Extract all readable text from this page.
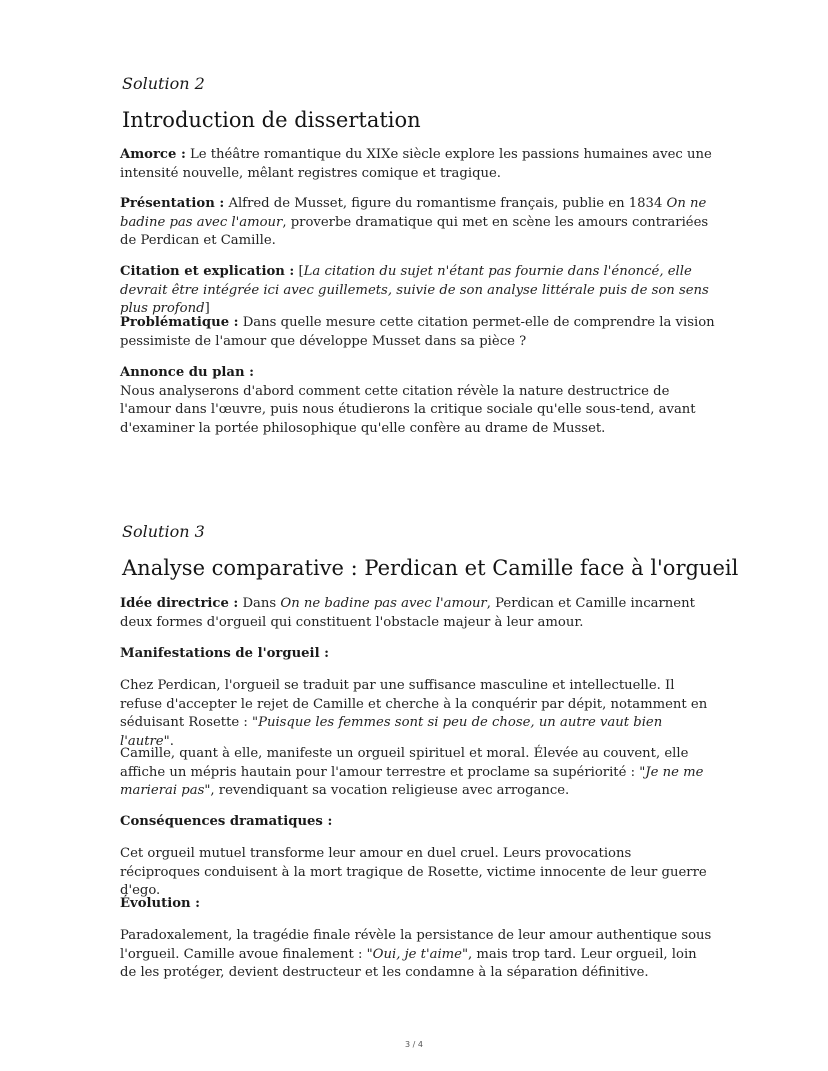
Solution 2
Introduction de dissertation

Amorce : Le théâtre romantique du XIXe siècle explore les passions humaines avec une intensité nouvelle, mêlant registres comique et tragique.

Présentation : Alfred de Musset, figure du romantisme français, publie en 1834 On ne badine pas avec l'amour, proverbe dramatique qui met en scène les amours contrariées de Perdican et Camille.

Citation et explication : [La citation du sujet n'étant pas fournie dans l'énoncé, elle devrait être intégrée ici avec guillemets, suivie de son analyse littérale puis de son sens plus profond]

Problématique : Dans quelle mesure cette citation permet-elle de comprendre la vision pessimiste de l'amour que développe Musset dans sa pièce ?

Annonce du plan :
Nous analyserons d'abord comment cette citation révèle la nature destructrice de l'amour dans l'œuvre, puis nous étudierons la critique sociale qu'elle sous-tend, avant d'examiner la portée philosophique qu'elle confère au drame de Musset.

Solution 3
Analyse comparative : Perdican et Camille face à l'orgueil

Idée directrice : Dans On ne badine pas avec l'amour, Perdican et Camille incarnent deux formes d'orgueil qui constituent l'obstacle majeur à leur amour.

Manifestations de l'orgueil :

Chez Perdican, l'orgueil se traduit par une suffisance masculine et intellectuelle. Il refuse d'accepter le rejet de Camille et cherche à la conquérir par dépit, notamment en séduisant Rosette : "Puisque les femmes sont si peu de chose, un autre vaut bien l'autre".

Camille, quant à elle, manifeste un orgueil spirituel et moral. Élevée au couvent, elle affiche un mépris hautain pour l'amour terrestre et proclame sa supériorité : "Je ne me marierai pas", revendiquant sa vocation religieuse avec arrogance.

Conséquences dramatiques :

Cet orgueil mutuel transforme leur amour en duel cruel. Leurs provocations réciproques conduisent à la mort tragique de Rosette, victime innocente de leur guerre d'ego.

Évolution :

Paradoxalement, la tragédie finale révèle la persistance de leur amour authentique sous l'orgueil. Camille avoue finalement : "Oui, je t'aime", mais trop tard. Leur orgueil, loin de les protéger, devient destructeur et les condamne à la séparation définitive.

3 / 4
